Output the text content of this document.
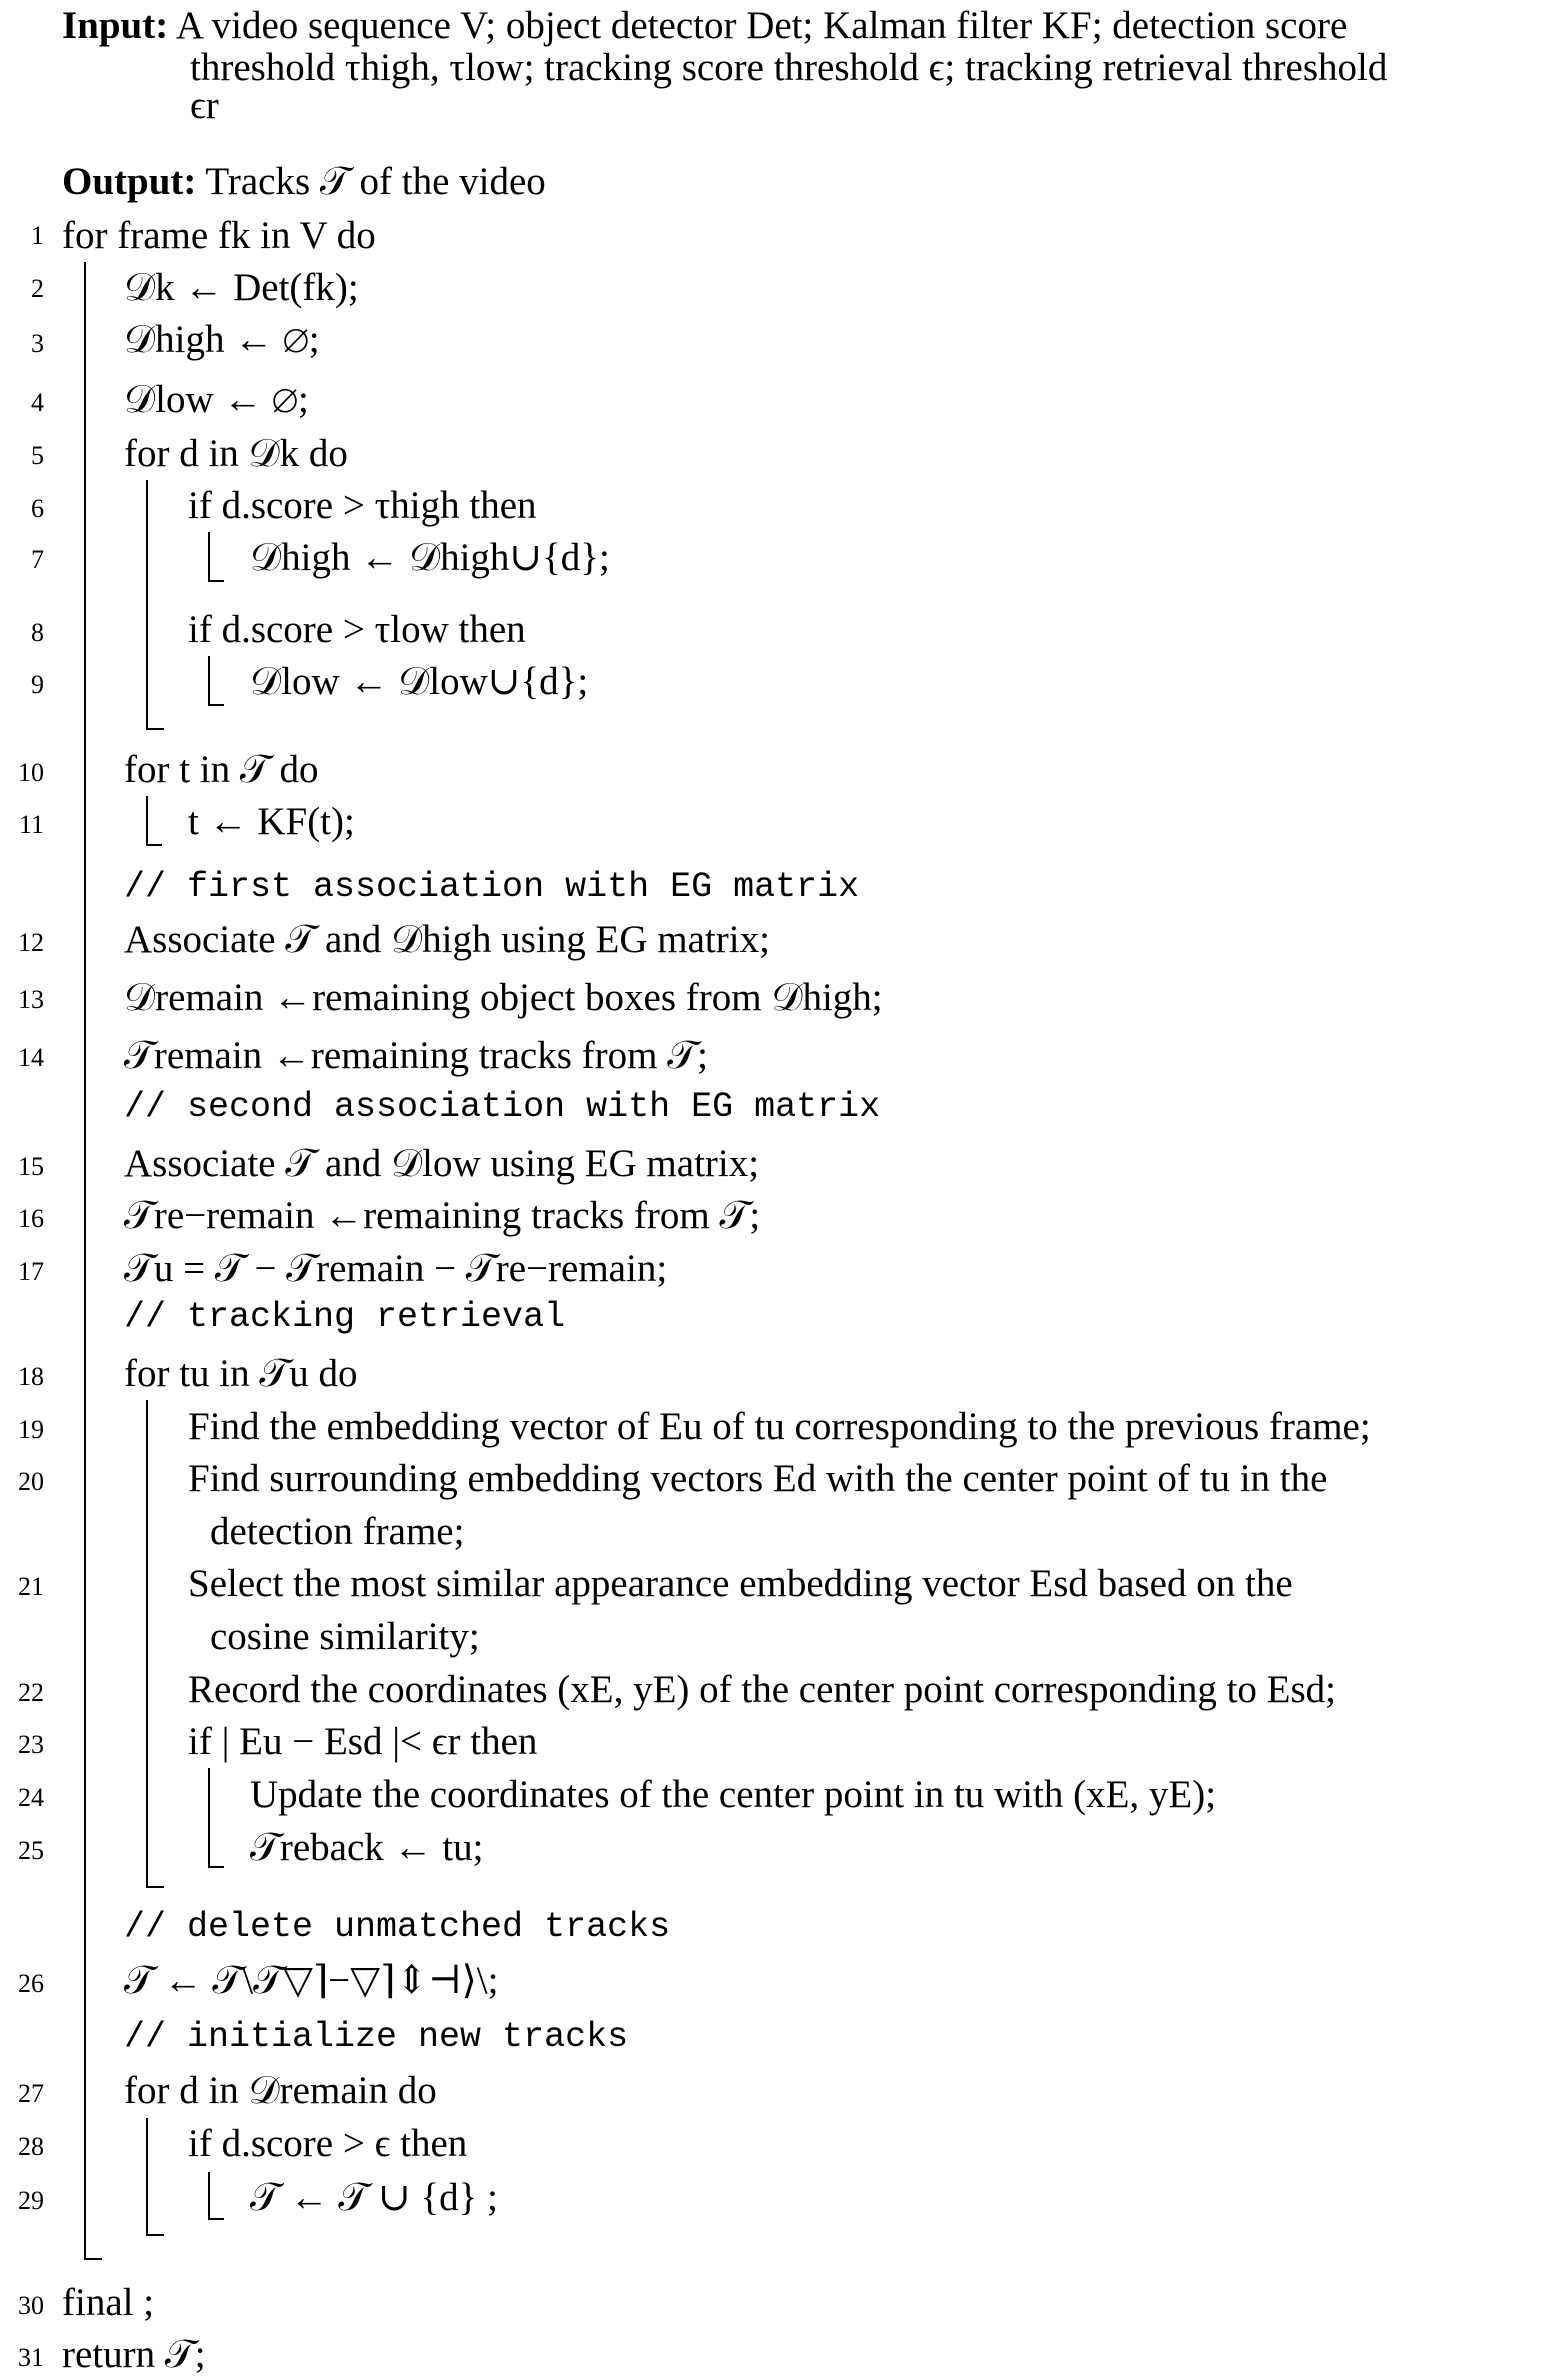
Input: A video sequence V; object detector Det; Kalman filter KF; detection score
threshold τhigh, τlow; tracking score threshold ϵ; tracking retrieval threshold
ϵr
Output: Tracks 𝒯 of the video
1
2
3
4
5
6
7
8
9
10
11
12
13
14
15
16
17
18
19
20
21
22
23
24
25
26
27
28
29
30
31
for frame fk in V do
𝒟k ← Det(fk);
𝒟high ← ∅;
𝒟low ← ∅;
for d in 𝒟k do
if d.score > τhigh then
𝒟high ← 𝒟high∪{d};
if d.score > τlow then
𝒟low ← 𝒟low∪{d};
for t in 𝒯 do
t ← KF(t);
// first association with EG matrix
Associate 𝒯 and 𝒟high using EG matrix;
𝒟remain ←remaining object boxes from 𝒟high;
𝒯remain ←remaining tracks from 𝒯;
// second association with EG matrix
Associate 𝒯 and 𝒟low using EG matrix;
𝒯re−remain ←remaining tracks from 𝒯;
𝒯u = 𝒯 − 𝒯remain − 𝒯re−remain;
// tracking retrieval
for tu in 𝒯u do
Find the embedding vector of Eu of tu corresponding to the previous frame;
Find surrounding embedding vectors Ed with the center point of tu in the
detection frame;
Select the most similar appearance embedding vector Esd based on the
cosine similarity;
Record the coordinates (xE, yE) of the center point corresponding to Esd;
if | Eu − Esd |< ϵr then
Update the coordinates of the center point in tu with (xE, yE);
𝒯reback ← tu;
// delete unmatched tracks
𝒯 ← 𝒯\𝒯▽⌉−▽⌉⇕⊣⟩\;
// initialize new tracks
for d in 𝒟remain do
if d.score > ϵ then
𝒯 ← 𝒯 ∪ {d} ;
final ;
return 𝒯;
